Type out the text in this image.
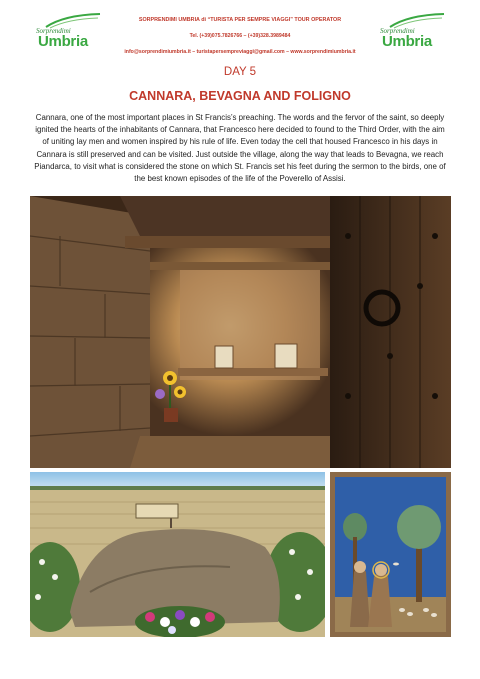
Sorprendimi
Umbria
Sorprendimi
Umbria
SORPRENDIMI UMBRIA di “TURISTA PER SEMPRE VIAGGI” TOUR OPERATOR
Tel. (+39)075.7826766 – (+39)328.3989484
info@sorprendimiumbria.it – turistapersempreviaggi@gmail.com – www.sorprendimiumbria.it
DAY 5
CANNARA, BEVAGNA AND FOLIGNO

Cannara, one of the most important places in St Francis’s preaching. The words and the fervor of the saint, so deeply ignited the hearts of the inhabitants of Cannara, that Francesco here decided to found to the Third Order, with the aim of uniting lay men and women inspired by his rule of life. Even today the cell that housed Francesco in his days in Cannara is still preserved and can be visited. Just outside the village, along the way that leads to Bevagna, we reach Piandarca, to visit what is considered the stone on which St. Francis set his feet during the sermon to the birds, one of the best known episodes of the life of the Poverello of Assisi.
